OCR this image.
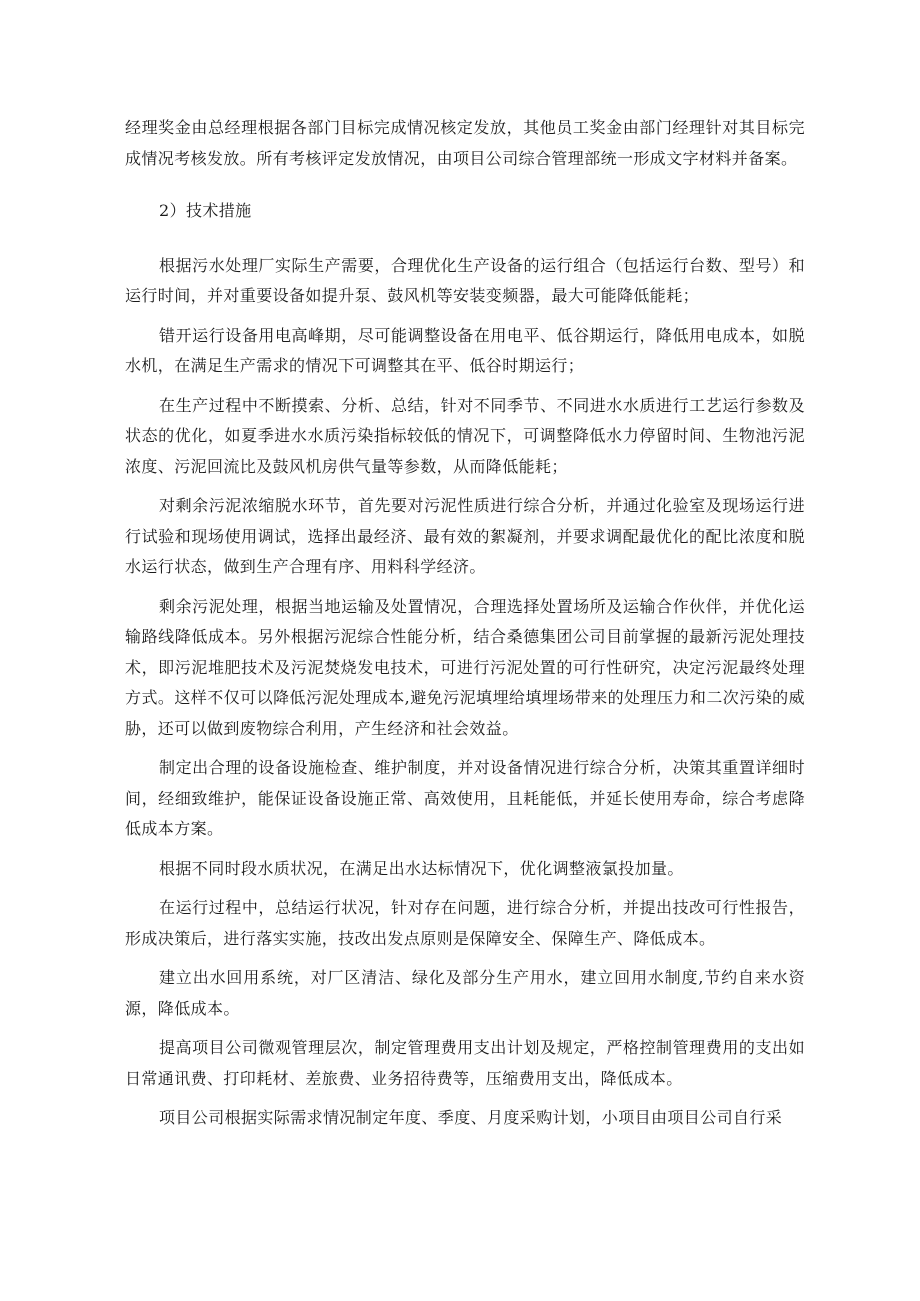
经理奖金由总经理根据各部门目标完成情况核定发放，其他员工奖金由部门经理针对其目标完成情况考核发放。所有考核评定发放情况，由项目公司综合管理部统一形成文字材料并备案。

2）技术措施

根据污水处理厂实际生产需要，合理优化生产设备的运行组合（包括运行台数、型号）和运行时间，并对重要设备如提升泵、鼓风机等安装变频器，最大可能降低能耗；

错开运行设备用电高峰期，尽可能调整设备在用电平、低谷期运行，降低用电成本，如脱水机，在满足生产需求的情况下可调整其在平、低谷时期运行；

在生产过程中不断摸索、分析、总结，针对不同季节、不同进水水质进行工艺运行参数及状态的优化，如夏季进水水质污染指标较低的情况下，可调整降低水力停留时间、生物池污泥浓度、污泥回流比及鼓风机房供气量等参数，从而降低能耗；

对剩余污泥浓缩脱水环节，首先要对污泥性质进行综合分析，并通过化验室及现场运行进行试验和现场使用调试，选择出最经济、最有效的絮凝剂，并要求调配最优化的配比浓度和脱水运行状态，做到生产合理有序、用料科学经济。

剩余污泥处理，根据当地运输及处置情况，合理选择处置场所及运输合作伙伴，并优化运输路线降低成本。另外根据污泥综合性能分析，结合桑德集团公司目前掌握的最新污泥处理技术，即污泥堆肥技术及污泥焚烧发电技术，可进行污泥处置的可行性研究，决定污泥最终处理方式。这样不仅可以降低污泥处理成本,避免污泥填埋给填埋场带来的处理压力和二次污染的威胁，还可以做到废物综合利用，产生经济和社会效益。

制定出合理的设备设施检查、维护制度，并对设备情况进行综合分析，决策其重置详细时间，经细致维护，能保证设备设施正常、高效使用，且耗能低，并延长使用寿命，综合考虑降低成本方案。

根据不同时段水质状况，在满足出水达标情况下，优化调整液氯投加量。

在运行过程中，总结运行状况，针对存在问题，进行综合分析，并提出技改可行性报告，形成决策后，进行落实实施，技改出发点原则是保障安全、保障生产、降低成本。

建立出水回用系统，对厂区清洁、绿化及部分生产用水，建立回用水制度,节约自来水资源，降低成本。

提高项目公司微观管理层次，制定管理费用支出计划及规定，严格控制管理费用的支出如日常通讯费、打印耗材、差旅费、业务招待费等，压缩费用支出，降低成本。

项目公司根据实际需求情况制定年度、季度、月度采购计划，小项目由项目公司自行采
